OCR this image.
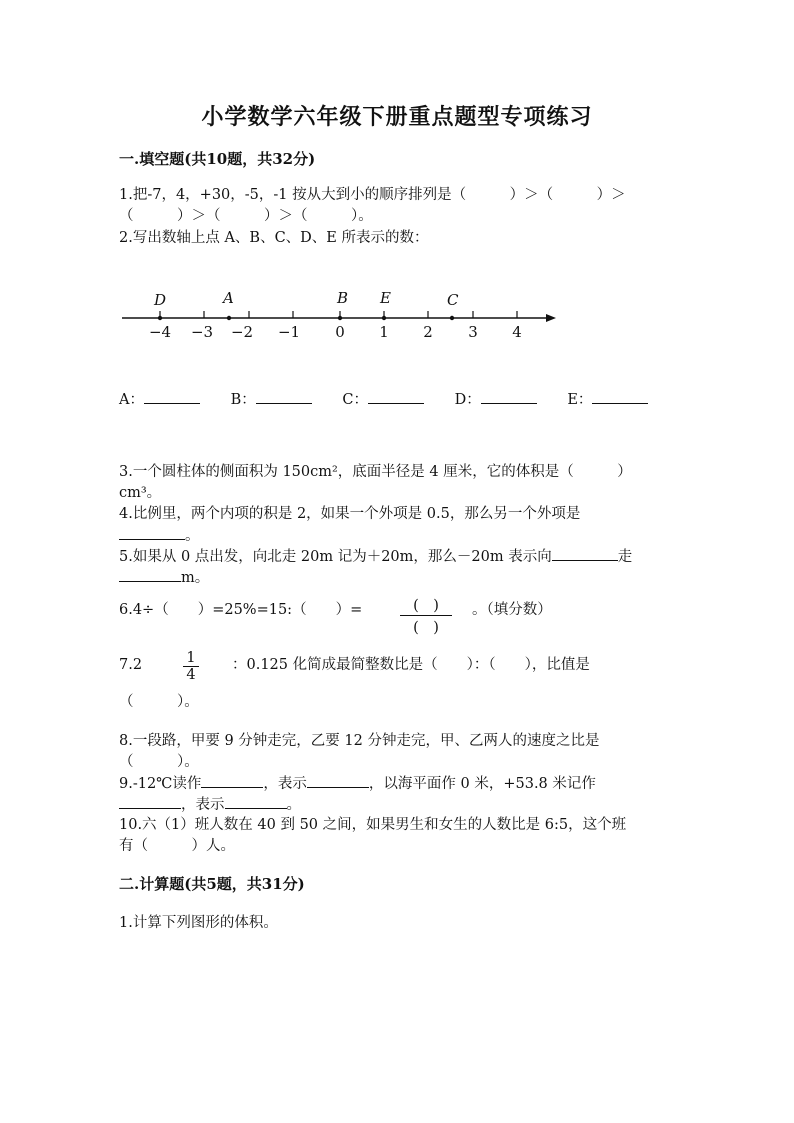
小学数学六年级下册重点题型专项练习
一.填空题(共10题，共32分)
1.把-7，4，+30，-5，-1 按从大到小的顺序排列是（　　　）＞（　　　）＞
（　　　）＞（　　　）＞（　　　）。
2.写出数轴上点 A、B、C、D、E 所表示的数：
D	A	B E	C
−4 −3 −2 −1 0 1 2 3 4
A：	B：	C：	D：	E：
3.一个圆柱体的侧面积为 150cm²，底面半径是 4 厘米，它的体积是（　　　）
cm³。
4.比例里，两个内项的积是 2，如果一个外项是 0.5，那么另一个外项是
。
5.如果从 0 点出发，向北走 20m 记为＋20m，那么－20m 表示向	走
m。
6.4÷（　　）=25%=15:（　　）=	(　)
(　)
。（填分数）
7.2	$\frac{1}{4}$ ：0.125 化简成最简整数比是（　　）：（　　），比值是
（　　　）。
8.一段路，甲要 9 分钟走完，乙要 12 分钟走完，甲、乙两人的速度之比是
（　　　）。
9.-12℃读作	，表示	，以海平面作 0 米，+53.8 米记作
，表示	。
10.六（1）班人数在 40 到 50 之间，如果男生和女生的人数比是 6:5，这个班
有（　　　）人。
二.计算题(共5题，共31分)
1.计算下列图形的体积。
